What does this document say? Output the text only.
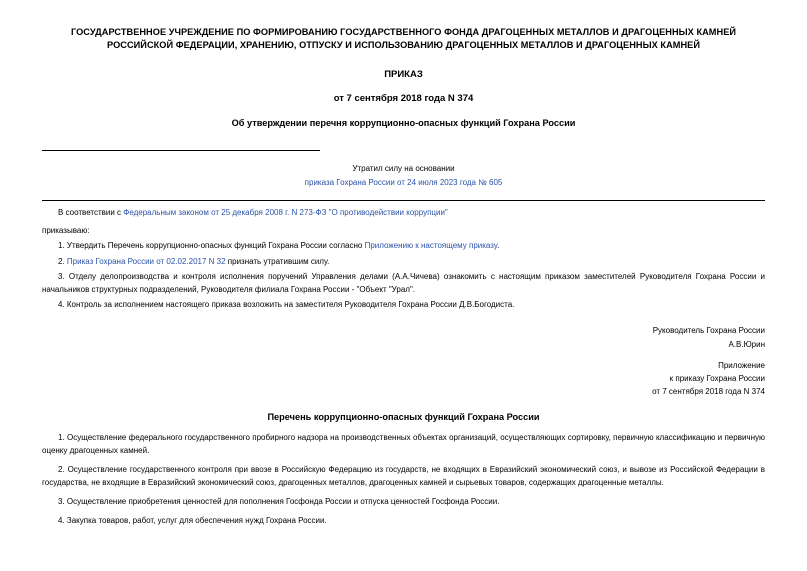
ГОСУДАРСТВЕННОЕ УЧРЕЖДЕНИЕ ПО ФОРМИРОВАНИЮ ГОСУДАРСТВЕННОГО ФОНДА ДРАГОЦЕННЫХ МЕТАЛЛОВ И ДРАГОЦЕННЫХ КАМНЕЙ РОССИЙСКОЙ ФЕДЕРАЦИИ, ХРАНЕНИЮ, ОТПУСКУ И ИСПОЛЬЗОВАНИЮ ДРАГОЦЕННЫХ МЕТАЛЛОВ И ДРАГОЦЕННЫХ КАМНЕЙ
ПРИКАЗ
от 7 сентября 2018 года N 374
Об утверждении перечня коррупционно-опасных функций Гохрана России
Утратил силу на основании
приказа Гохрана России от 24 июля 2023 года № 605
В соответствии с Федеральным законом от 25 декабря 2008 г. N 273-ФЗ "О противодействии коррупции"
приказываю:
1. Утвердить Перечень коррупционно-опасных функций Гохрана России согласно Приложению к настоящему приказу.
2. Приказ Гохрана России от 02.02.2017 N 32 признать утратившим силу.
3. Отделу делопроизводства и контроля исполнения поручений Управления делами (А.А.Чичева) ознакомить с настоящим приказом заместителей Руководителя Гохрана России и начальников структурных подразделений, Руководителя филиала Гохрана России - "Объект "Урал".
4. Контроль за исполнением настоящего приказа возложить на заместителя Руководителя Гохрана России Д.В.Богодиста.
Руководитель Гохрана России
А.В.Юрин
Приложение
к приказу Гохрана России
от 7 сентября 2018 года N 374
Перечень коррупционно-опасных функций Гохрана России
1. Осуществление федерального государственного пробирного надзора на производственных объектах организаций, осуществляющих сортировку, первичную классификацию и первичную оценку драгоценных камней.
2. Осуществление государственного контроля при ввозе в Российскую Федерацию из государств, не входящих в Евразийский экономический союз, и вывозе из Российской Федерации в государства, не входящие в Евразийский экономический союз, драгоценных металлов, драгоценных камней и сырьевых товаров, содержащих драгоценные металлы.
3. Осуществление приобретения ценностей для пополнения Госфонда России и отпуска ценностей Госфонда России.
4. Закупка товаров, работ, услуг для обеспечения нужд Гохрана России.
